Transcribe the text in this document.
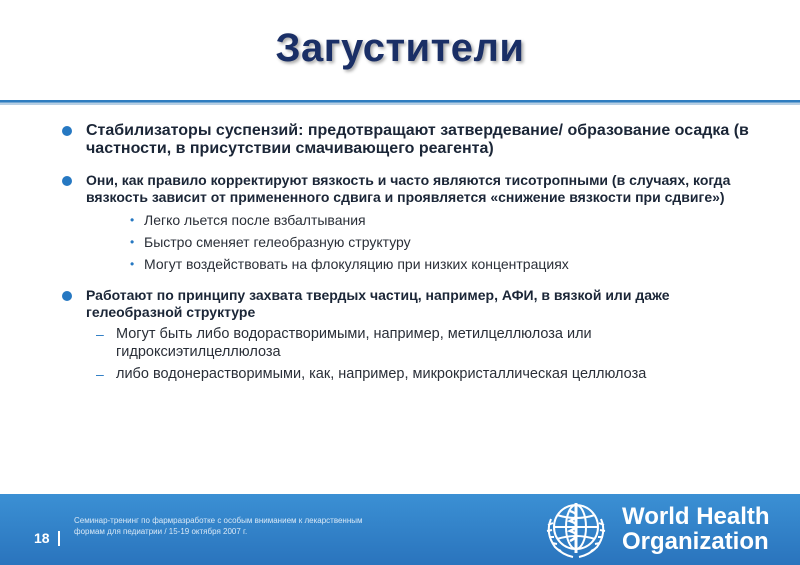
Загустители
Стабилизаторы суспензий: предотвращают затвердевание/ образование осадка (в частности, в присутствии смачивающего реагента)
Они, как правило корректируют вязкость и часто являются тисотропными (в случаях, когда вязкость зависит от примененного сдвига и проявляется «снижение вязкости при сдвиге»)
• Легко льется после взбалтывания
• Быстро сменяет гелеобразную структуру
• Могут воздействовать на флокуляцию при низких концентрациях
Работают по принципу захвата твердых частиц, например, АФИ, в вязкой или даже гелеобразной структуре
– Могут быть либо водорастворимыми, например, метилцеллюлоза или гидроксиэтилцеллюлоза
– либо водонерастворимыми, как, например, микрокристаллическая целлюлоза
18
Семинар-тренинг по фармразработке с особым вниманием к лекарственным формам для педиатрии / 15-19 октября 2007 г.
World Health
Organization
